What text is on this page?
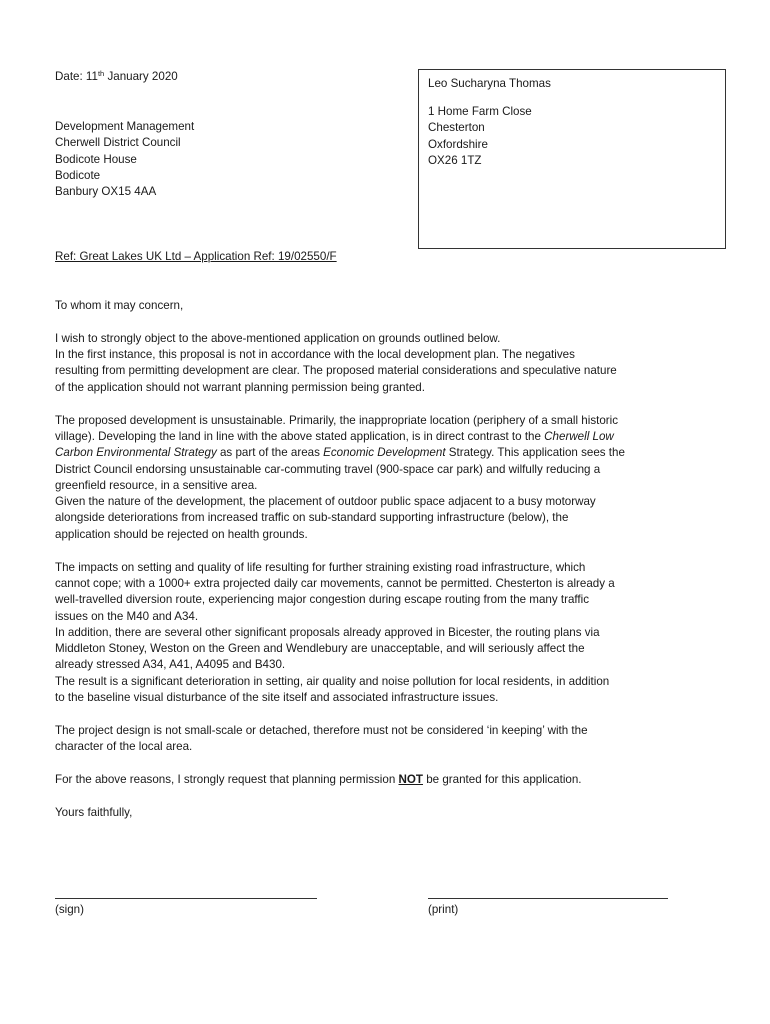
Date: 11th January 2020
Development Management
Cherwell District Council
Bodicote House
Bodicote
Banbury OX15 4AA
Leo Sucharyna Thomas
1 Home Farm Close
Chesterton
Oxfordshire
OX26 1TZ
Ref: Great Lakes UK Ltd – Application Ref: 19/02550/F

To whom it may concern,

I wish to strongly object to the above-mentioned application on grounds outlined below.
In the first instance, this proposal is not in accordance with the local development plan. The negatives
resulting from permitting development are clear. The proposed material considerations and speculative nature
of the application should not warrant planning permission being granted.

The proposed development is unsustainable. Primarily, the inappropriate location (periphery of a small historic
village). Developing the land in line with the above stated application, is in direct contrast to the Cherwell Low
Carbon Environmental Strategy as part of the areas Economic Development Strategy. This application sees the
District Council endorsing unsustainable car-commuting travel (900-space car park) and wilfully reducing a
greenfield resource, in a sensitive area.
Given the nature of the development, the placement of outdoor public space adjacent to a busy motorway
alongside deteriorations from increased traffic on sub-standard supporting infrastructure (below), the
application should be rejected on health grounds.

The impacts on setting and quality of life resulting for further straining existing road infrastructure, which
cannot cope; with a 1000+ extra projected daily car movements, cannot be permitted. Chesterton is already a
well-travelled diversion route, experiencing major congestion during escape routing from the many traffic
issues on the M40 and A34.
In addition, there are several other significant proposals already approved in Bicester, the routing plans via
Middleton Stoney, Weston on the Green and Wendlebury are unacceptable, and will seriously affect the
already stressed A34, A41, A4095 and B430.
The result is a significant deterioration in setting, air quality and noise pollution for local residents, in addition
to the baseline visual disturbance of the site itself and associated infrastructure issues.

The project design is not small-scale or detached, therefore must not be considered ‘in keeping’ with the
character of the local area.

For the above reasons, I strongly request that planning permission NOT be granted for this application.

Yours faithfully,

(sign)	(print)
